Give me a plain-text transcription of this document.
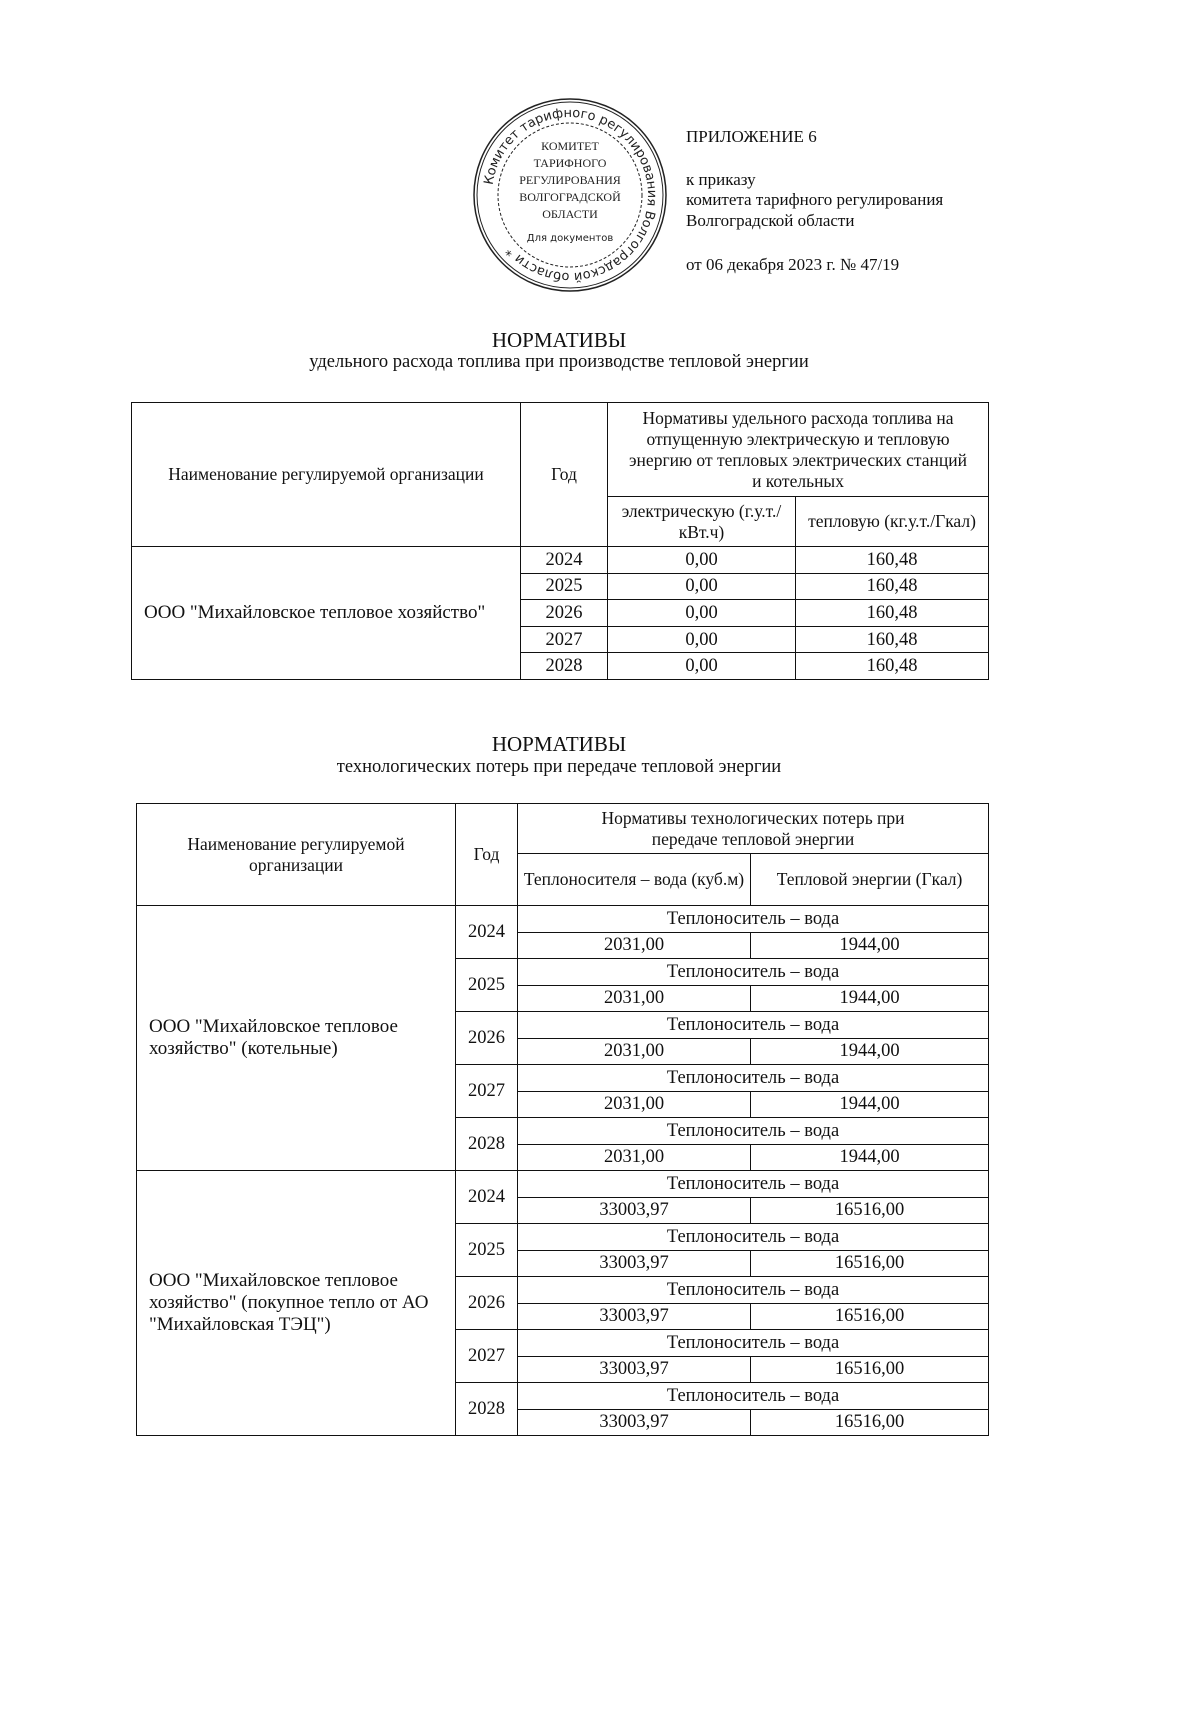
Комитет тарифного регулирования Волгоградской области *
КОМИТЕТ
ТАРИФНОГО
РЕГУЛИРОВАНИЯ
ВОЛГОГРАДСКОЙ
ОБЛАСТИ
Для документов
ПРИЛОЖЕНИЕ 6
к приказу
комитета тарифного регулирования
Волгоградской области
от 06 декабря 2023 г. № 47/19
НОРМАТИВЫ
удельного расхода топлива при производстве тепловой энергии
Наименование регулируемой организации	Год	Нормативы удельного расхода топлива на отпущенную электрическую и тепловую энергию от тепловых электрических станций и котельных	
		электрическую (г.у.т./кВт.ч)	тепловую (кг.у.т./Гкал)
ООО "Михайловское тепловое хозяйство"	2024	0,00	160,48
	2025	0,00	160,48
	2026	0,00	160,48
	2027	0,00	160,48
	2028	0,00	160,48
НОРМАТИВЫ
технологических потерь при передаче тепловой энергии
Наименование регулируемой организации	Год	Нормативы технологических потерь при передаче тепловой энергии	
		Теплоносителя – вода (куб.м)	Тепловой энергии (Гкал)
ООО "Михайловское тепловое хозяйство" (котельные)	2024	Теплоноситель – вода	
		2031,00	1944,00
	2025	Теплоноситель – вода	
		2031,00	1944,00
	2026	Теплоноситель – вода	
		2031,00	1944,00
	2027	Теплоноситель – вода	
		2031,00	1944,00
	2028	Теплоноситель – вода	
		2031,00	1944,00
ООО "Михайловское тепловое хозяйство" (покупное тепло от АО "Михайловская ТЭЦ")	2024	Теплоноситель – вода	
		33003,97	16516,00
	2025	Теплоноситель – вода	
		33003,97	16516,00
	2026	Теплоноситель – вода	
		33003,97	16516,00
	2027	Теплоноситель – вода	
		33003,97	16516,00
	2028	Теплоноситель – вода	
		33003,97	16516,00
